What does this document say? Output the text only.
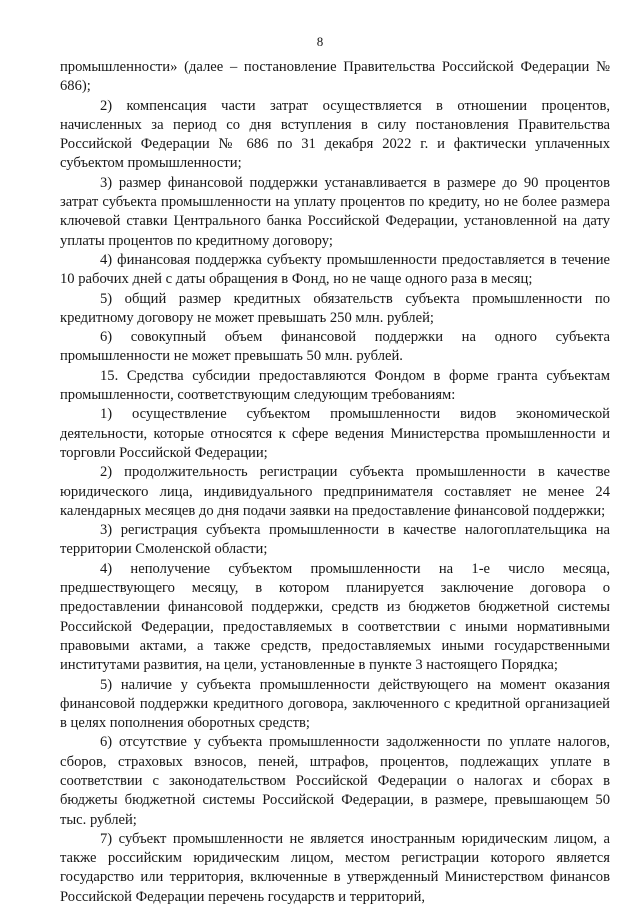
8

промышленности» (далее – постановление Правительства Российской Федерации № 686);

2) компенсация части затрат осуществляется в отношении процентов, начисленных за период со дня вступления в силу постановления Правительства Российской Федерации № 686 по 31 декабря 2022 г. и фактически уплаченных субъектом промышленности;

3) размер финансовой поддержки устанавливается в размере до 90 процентов затрат субъекта промышленности на уплату процентов по кредиту, но не более размера ключевой ставки Центрального банка Российской Федерации, установленной на дату уплаты процентов по кредитному договору;

4) финансовая поддержка субъекту промышленности предоставляется в течение 10 рабочих дней с даты обращения в Фонд, но не чаще одного раза в месяц;

5) общий размер кредитных обязательств субъекта промышленности по кредитному договору не может превышать 250 млн. рублей;

6) совокупный объем финансовой поддержки на одного субъекта промышленности не может превышать 50 млн. рублей.

15. Средства субсидии предоставляются Фондом в форме гранта субъектам промышленности, соответствующим следующим требованиям:

1) осуществление субъектом промышленности видов экономической деятельности, которые относятся к сфере ведения Министерства промышленности и торговли Российской Федерации;

2) продолжительность регистрации субъекта промышленности в качестве юридического лица, индивидуального предпринимателя составляет не менее 24 календарных месяцев до дня подачи заявки на предоставление финансовой поддержки;

3) регистрация субъекта промышленности в качестве налогоплательщика на территории Смоленской области;

4) неполучение субъектом промышленности на 1-е число месяца, предшествующего месяцу, в котором планируется заключение договора о предоставлении финансовой поддержки, средств из бюджетов бюджетной системы Российской Федерации, предоставляемых в соответствии с иными нормативными правовыми актами, а также средств, предоставляемых иными государственными институтами развития, на цели, установленные в пункте 3 настоящего Порядка;

5) наличие у субъекта промышленности действующего на момент оказания финансовой поддержки кредитного договора, заключенного с кредитной организацией в целях пополнения оборотных средств;

6) отсутствие у субъекта промышленности задолженности по уплате налогов, сборов, страховых взносов, пеней, штрафов, процентов, подлежащих уплате в соответствии с законодательством Российской Федерации о налогах и сборах в бюджеты бюджетной системы Российской Федерации, в размере, превышающем 50 тыс. рублей;

7) субъект промышленности не является иностранным юридическим лицом, а также российским юридическим лицом, местом регистрации которого является государство или территория, включенные в утвержденный Министерством финансов Российской Федерации перечень государств и территорий,
